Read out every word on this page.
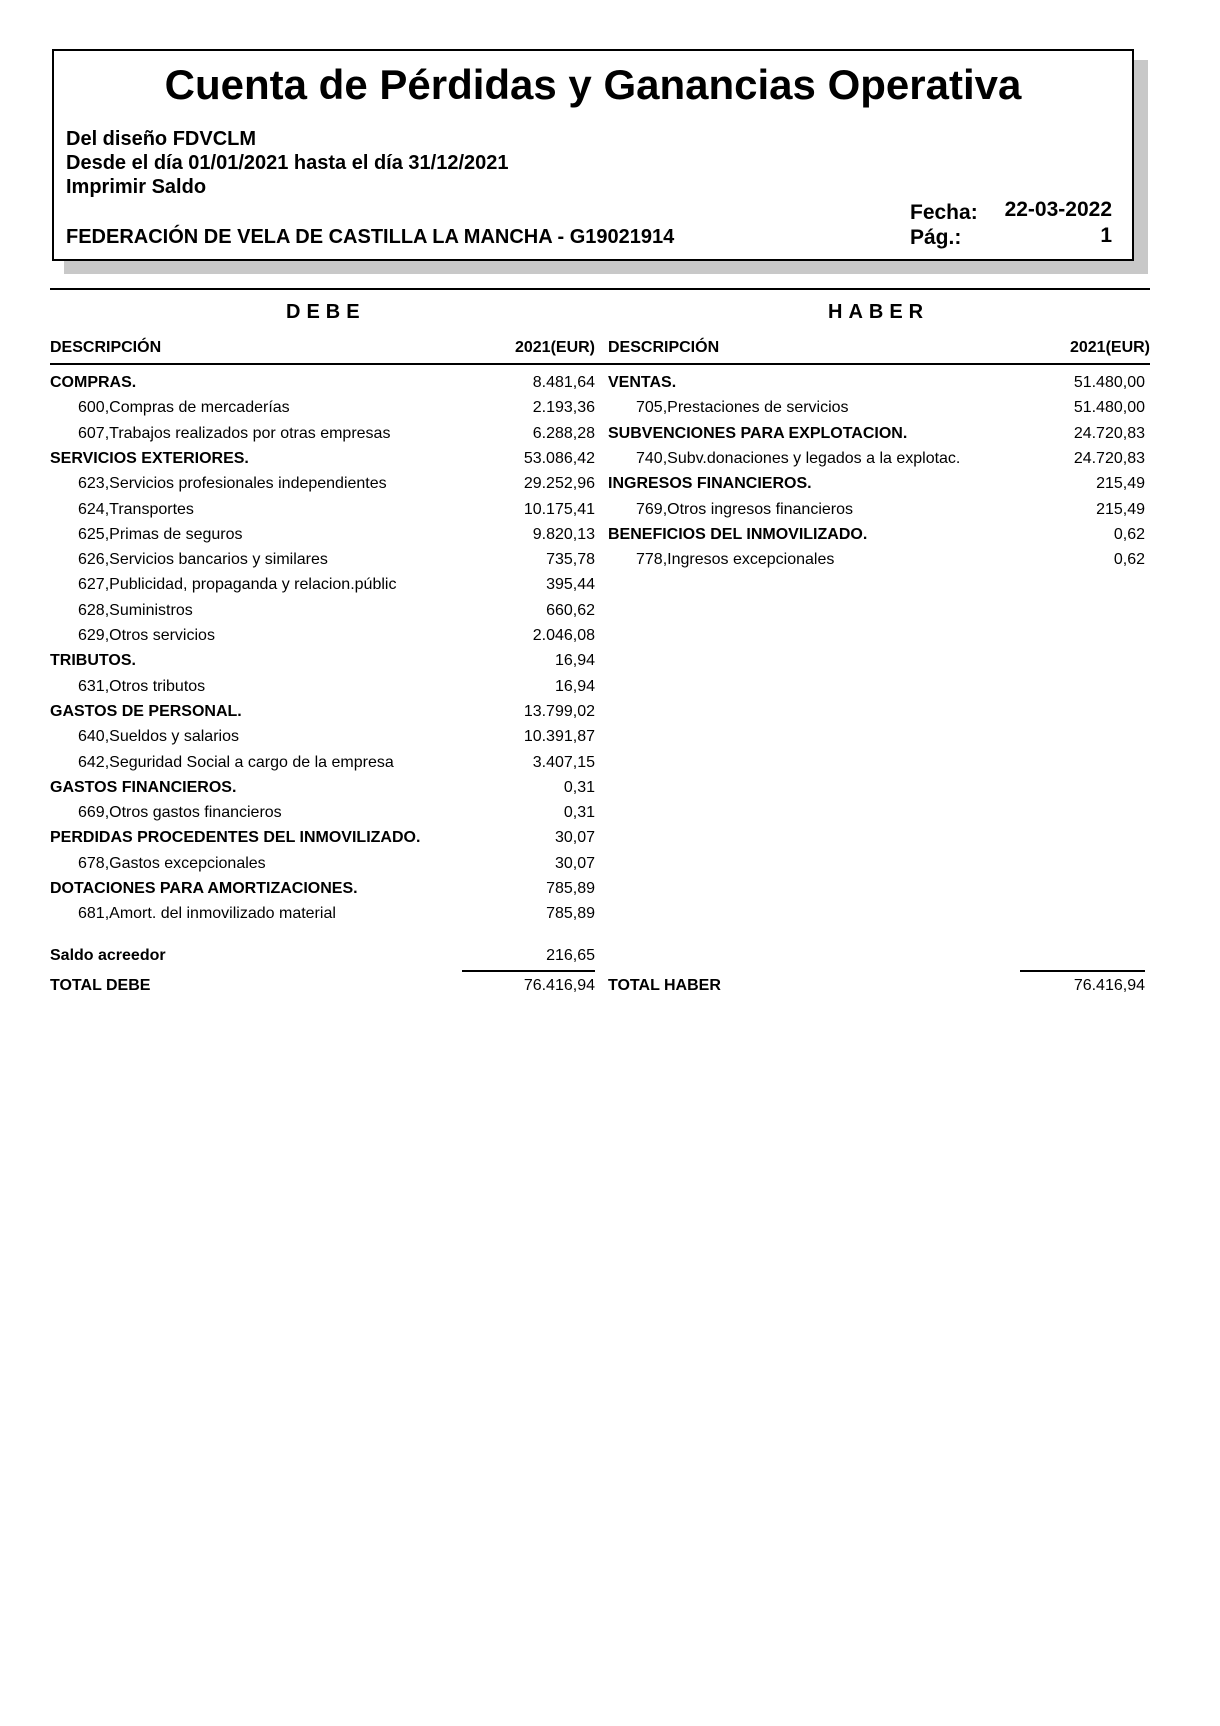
Cuenta de Pérdidas y Ganancias Operativa
Del diseño FDVCLM
Desde el día 01/01/2021 hasta el día 31/12/2021
Imprimir Saldo
FEDERACIÓN DE VELA DE CASTILLA LA MANCHA - G19021914
Fecha: 22-03-2022
Pág.:	1
DEBE	HABER
DESCRIPCIÓN	2021(EUR) DESCRIPCIÓN	2021(EUR)
COMPRAS.	8.481,64
600,Compras de mercaderías	2.193,36
607,Trabajos realizados por otras empresas	6.288,28
SERVICIOS EXTERIORES.	53.086,42
623,Servicios profesionales independientes	29.252,96
624,Transportes	10.175,41
625,Primas de seguros	9.820,13
626,Servicios bancarios y similares	735,78
627,Publicidad, propaganda y relacion.públic	395,44
628,Suministros	660,62
629,Otros servicios	2.046,08
TRIBUTOS.	16,94
631,Otros tributos	16,94
GASTOS DE PERSONAL.	13.799,02
640,Sueldos y salarios	10.391,87
642,Seguridad Social a cargo de la empresa	3.407,15
GASTOS FINANCIEROS.	0,31
669,Otros gastos financieros	0,31
PERDIDAS PROCEDENTES DEL INMOVILIZADO.	30,07
678,Gastos excepcionales	30,07
DOTACIONES PARA AMORTIZACIONES.	785,89
681,Amort. del inmovilizado material	785,89
VENTAS.	51.480,00
705,Prestaciones de servicios	51.480,00
SUBVENCIONES PARA EXPLOTACION.	24.720,83
740,Subv.donaciones y legados a la explotac.	24.720,83
INGRESOS FINANCIEROS.	215,49
769,Otros ingresos financieros	215,49
BENEFICIOS DEL INMOVILIZADO.	0,62
778,Ingresos excepcionales	0,62
Saldo acreedor	216,65
TOTAL DEBE	76.416,94 TOTAL HABER	76.416,94
